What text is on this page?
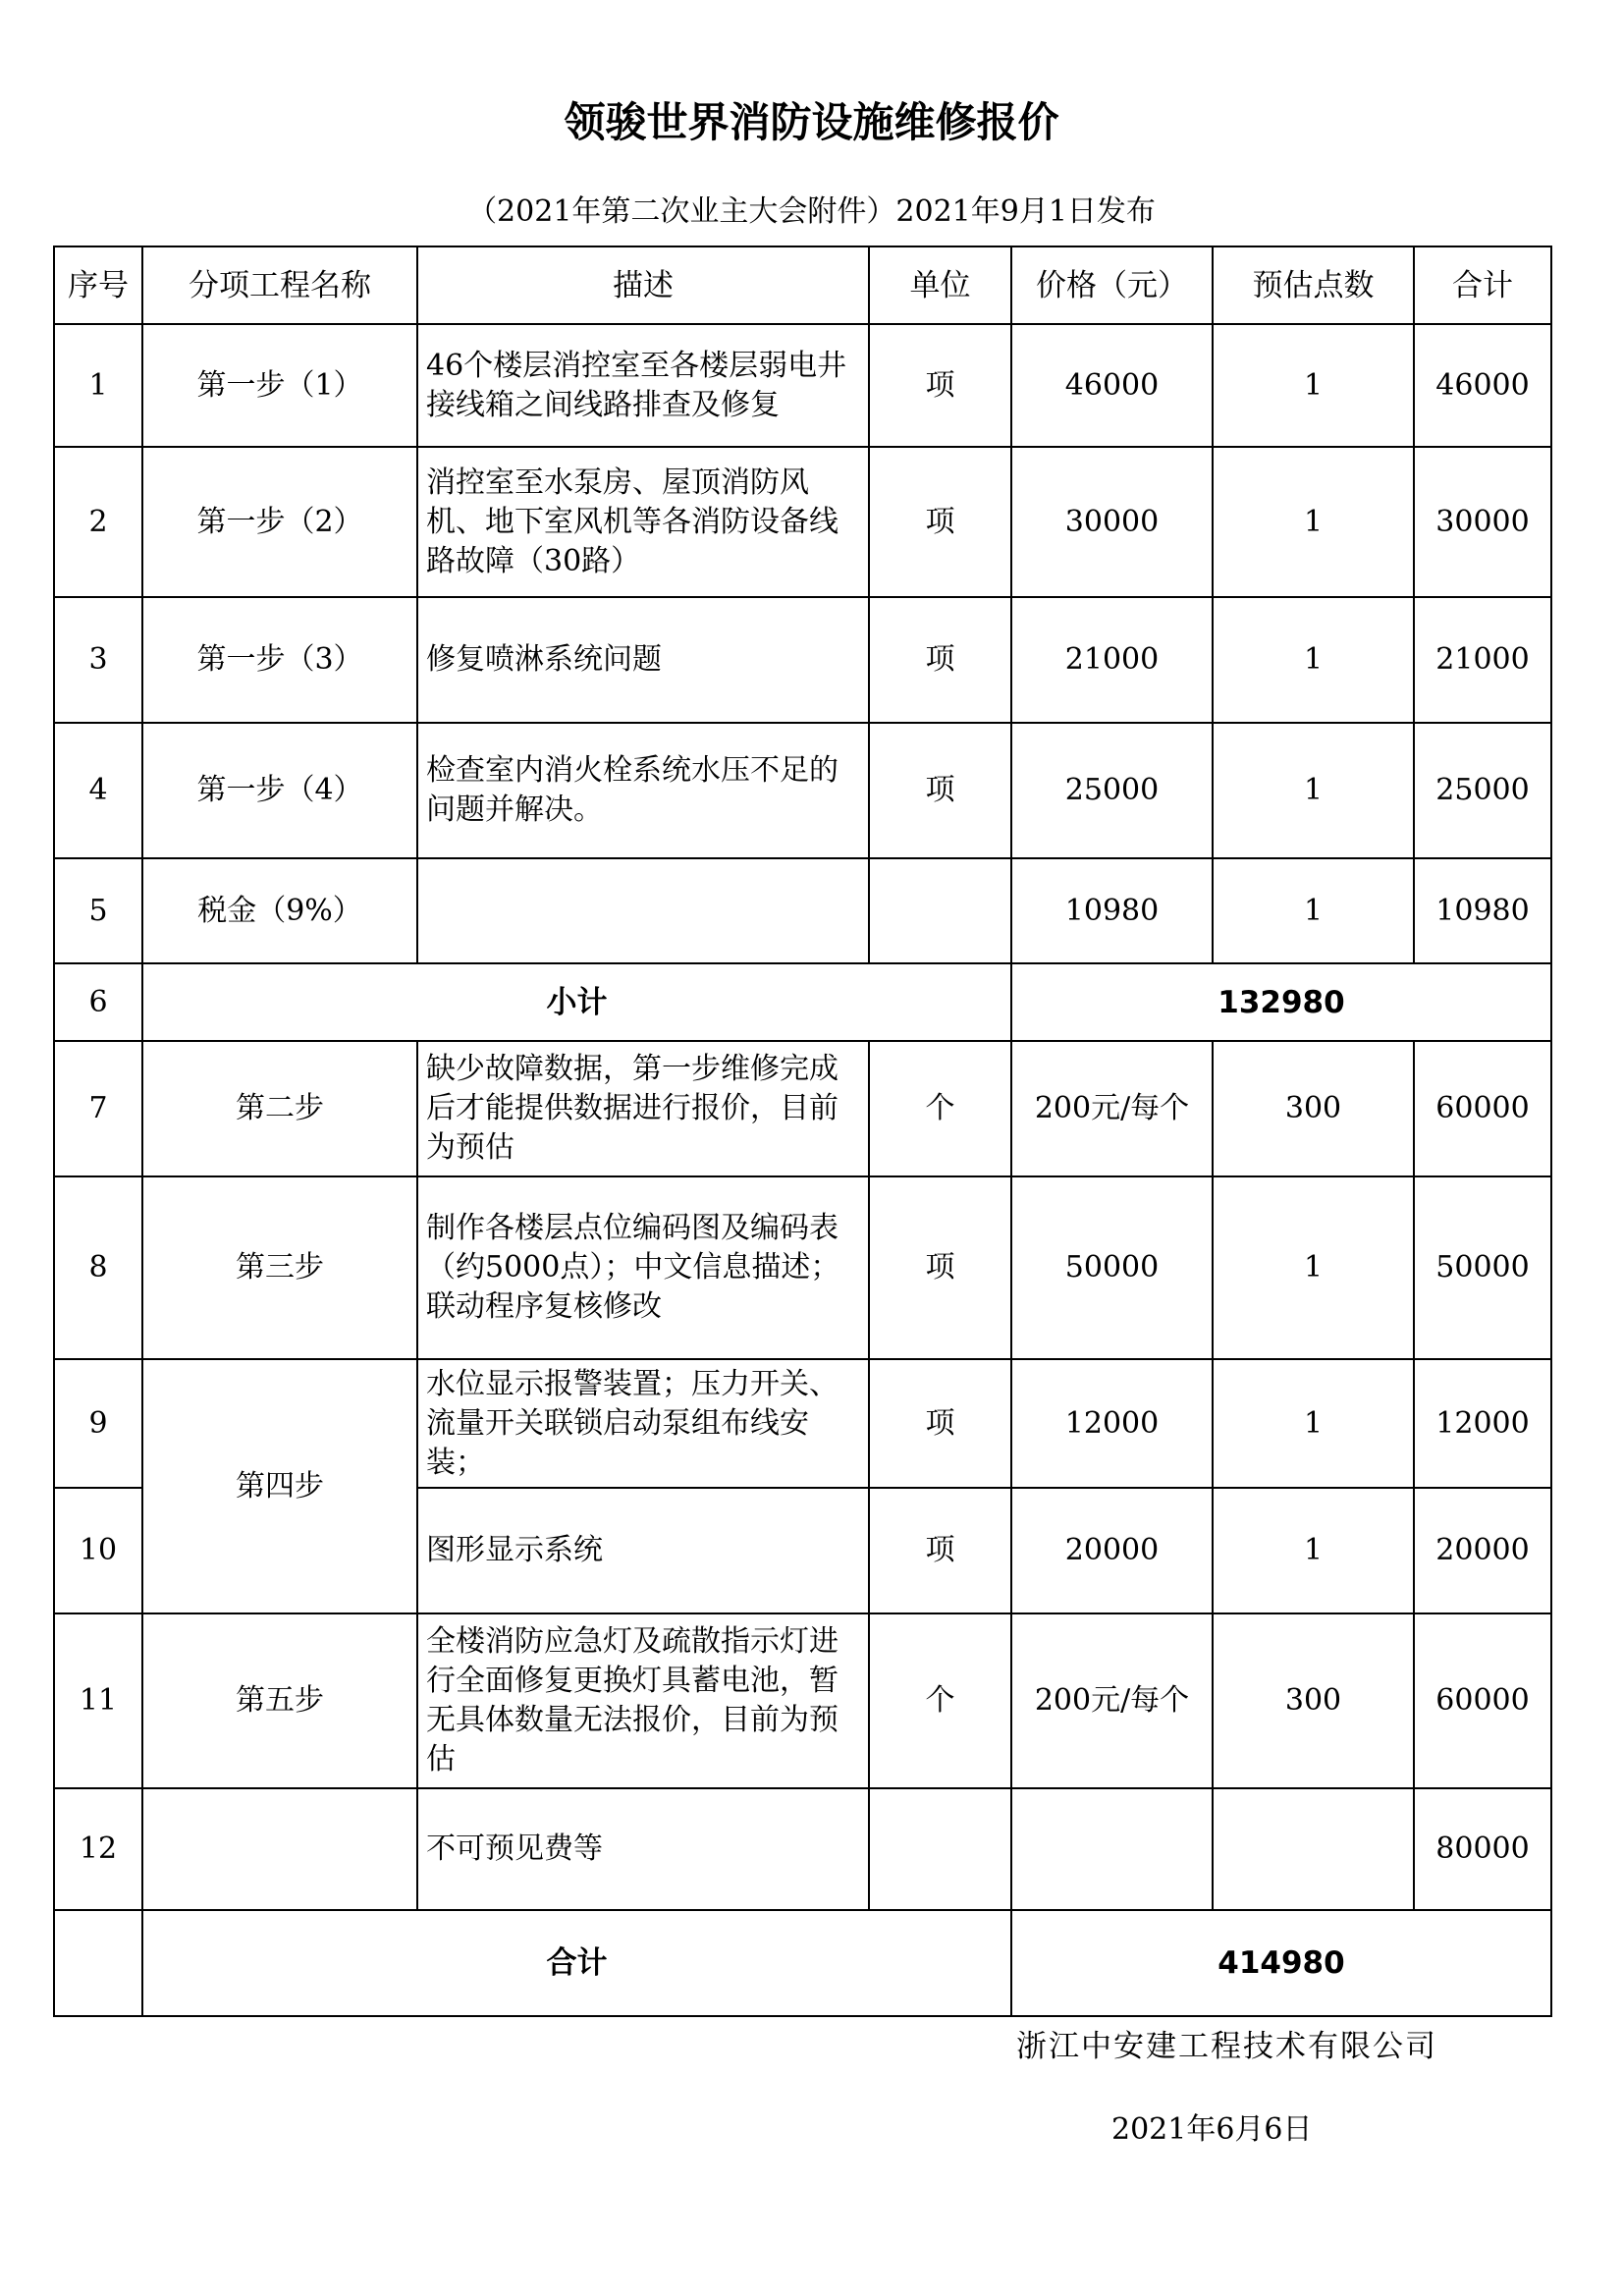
领骏世界消防设施维修报价
（2021年第二次业主大会附件）2021年9月1日发布
序号	分项工程名称	描述	单位	价格（元）	预估点数	合计
1	第一步（1）	46个楼层消控室至各楼层弱电井接线箱之间线路排查及修复	项	46000	1	46000
2	第一步（2）	消控室至水泵房、屋顶消防风机、地下室风机等各消防设备线路故障（30路）	项	30000	1	30000
3	第一步（3）	修复喷淋系统问题	项	21000	1	21000
4	第一步（4）	检查室内消火栓系统水压不足的问题并解决。	项	25000	1	25000
5	税金（9%）			10980	1	10980
6	小计			132980		
7	第二步	缺少故障数据，第一步维修完成后才能提供数据进行报价，目前为预估	个	200元/每个	300	60000
8	第三步	制作各楼层点位编码图及编码表（约5000点）；中文信息描述；联动程序复核修改	项	50000	1	50000
9	第四步	水位显示报警装置；压力开关、流量开关联锁启动泵组布线安装；	项	12000	1	12000
10		图形显示系统	项	20000	1	20000
11	第五步	全楼消防应急灯及疏散指示灯进行全面修复更换灯具蓄电池，暂无具体数量无法报价，目前为预估	个	200元/每个	300	60000
12		不可预见费等				80000
	合计			414980		
浙江中安建工程技术有限公司
2021年6月6日
